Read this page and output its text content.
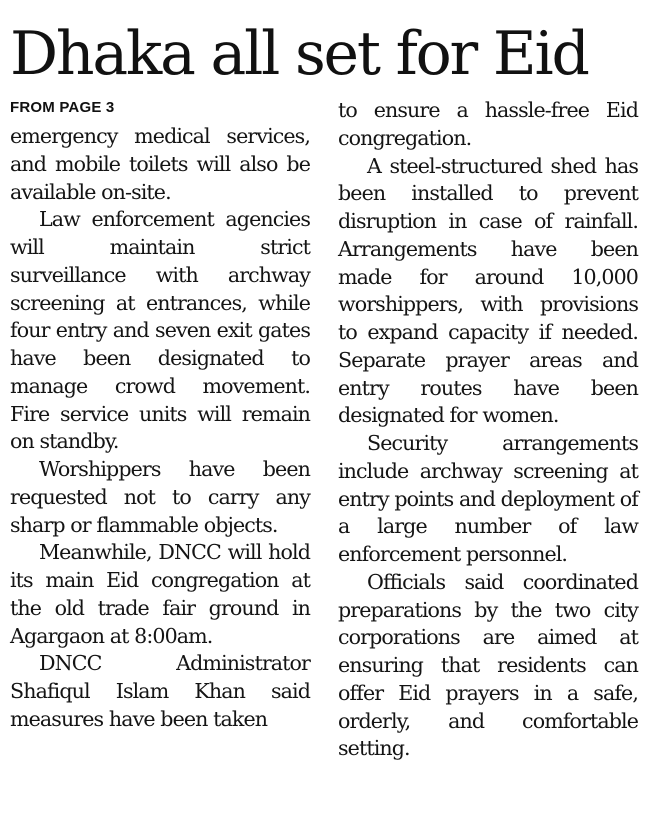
Dhaka all set for Eid
FROM PAGE 3

emergency medical services, and mobile toilets will also be available on-site.

Law enforcement agencies will maintain strict surveillance with archway screening at entrances, while four entry and seven exit gates have been designated to manage crowd movement. Fire service units will remain on standby.

Worshippers have been requested not to carry any sharp or flammable objects.

Meanwhile, DNCC will hold its main Eid congregation at the old trade fair ground in Agargaon at 8:00am.

DNCC Administrator Shafiqul Islam Khan said measures have been taken

to ensure a hassle-free Eid congregation.

A steel-structured shed has been installed to prevent disruption in case of rainfall. Arrangements have been made for around 10,000 worshippers, with provisions to expand capacity if needed. Separate prayer areas and entry routes have been designated for women.

Security arrangements include archway screening at entry points and deployment of a large number of law enforcement personnel.

Officials said coordinated preparations by the two city corporations are aimed at ensuring that residents can offer Eid prayers in a safe, orderly, and comfortable setting.
